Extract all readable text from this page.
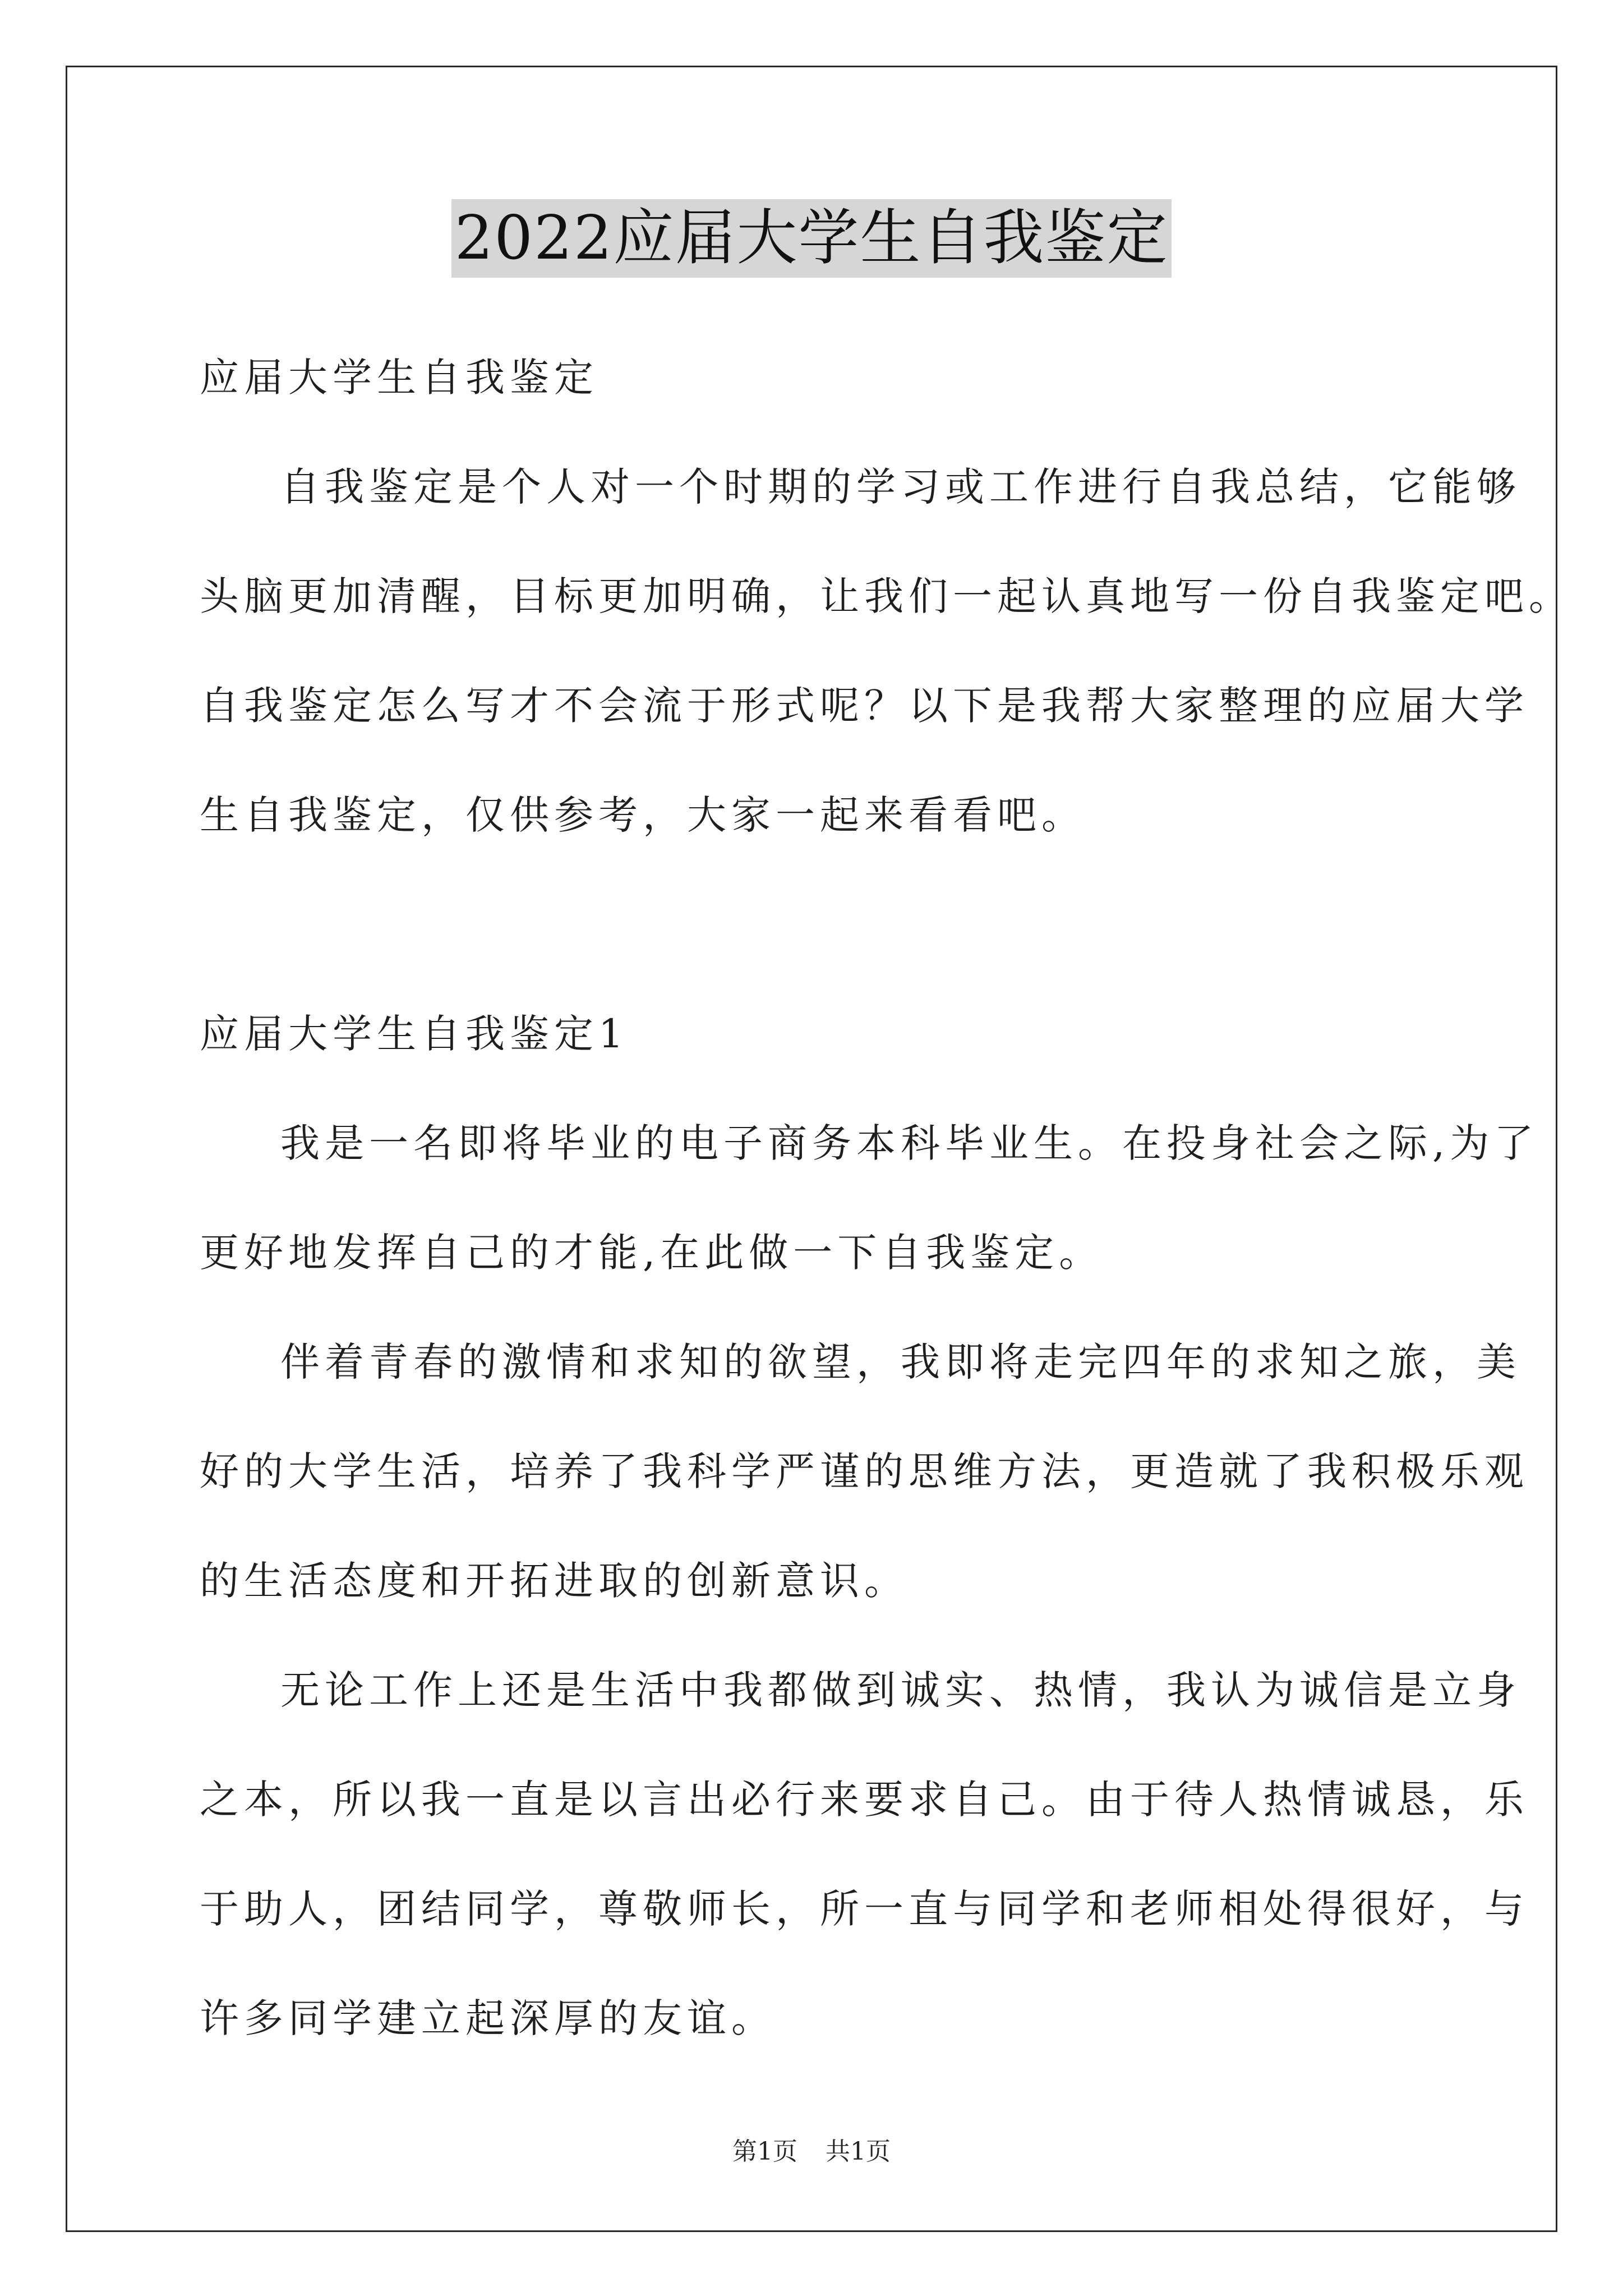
2022应届大学生自我鉴定
应届大学生自我鉴定
自我鉴定是个人对一个时期的学习或工作进行自我总结，它能够
头脑更加清醒，目标更加明确，让我们一起认真地写一份自我鉴定吧。
自我鉴定怎么写才不会流于形式呢？以下是我帮大家整理的应届大学
生自我鉴定，仅供参考，大家一起来看看吧。
应届大学生自我鉴定1
我是一名即将毕业的电子商务本科毕业生。在投身社会之际,为了
更好地发挥自己的才能,在此做一下自我鉴定。
伴着青春的激情和求知的欲望，我即将走完四年的求知之旅，美
好的大学生活，培养了我科学严谨的思维方法，更造就了我积极乐观
的生活态度和开拓进取的创新意识。
无论工作上还是生活中我都做到诚实、热情，我认为诚信是立身
之本，所以我一直是以言出必行来要求自己。由于待人热情诚恳，乐
于助人，团结同学，尊敬师长，所一直与同学和老师相处得很好，与
许多同学建立起深厚的友谊。
第1页 共1页
